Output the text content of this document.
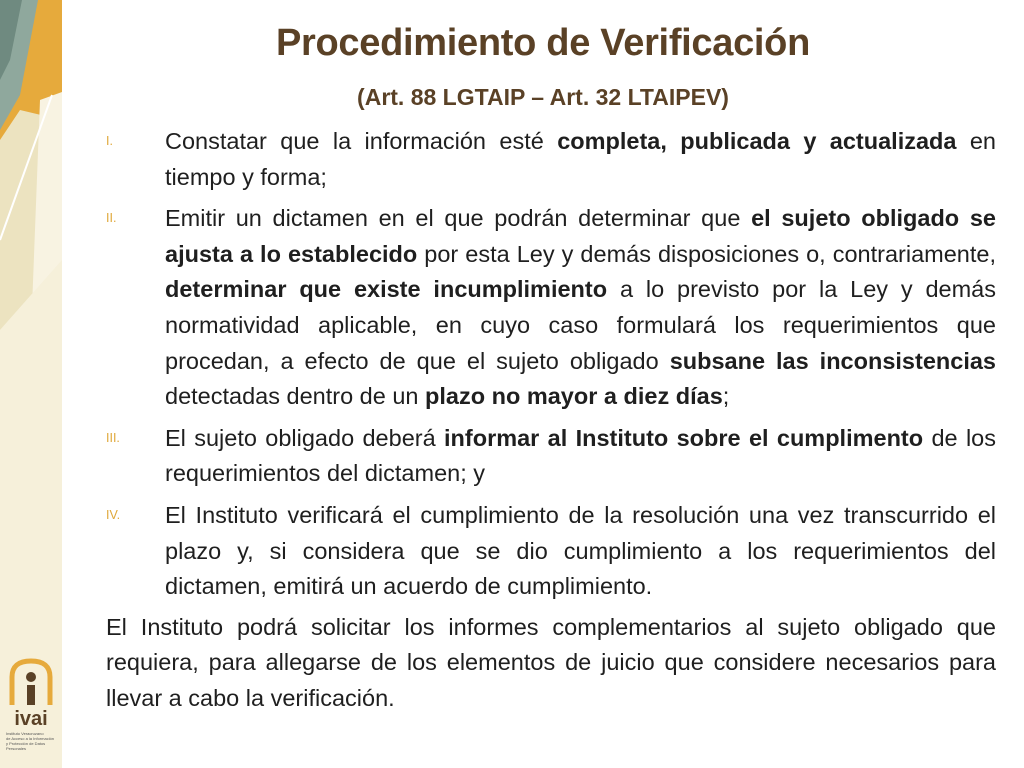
Procedimiento de Verificación
(Art. 88 LGTAIP – Art. 32 LTAIPEV)
I. Constatar que la información esté completa, publicada y actualizada en tiempo y forma;
II. Emitir un dictamen en el que podrán determinar que el sujeto obligado se ajusta a lo establecido por esta Ley y demás disposiciones o, contrariamente, determinar que existe incumplimiento a lo previsto por la Ley y demás normatividad aplicable, en cuyo caso formulará los requerimientos que procedan, a efecto de que el sujeto obligado subsane las inconsistencias detectadas dentro de un plazo no mayor a diez días;
III. El sujeto obligado deberá informar al Instituto sobre el cumplimento de los requerimientos del dictamen; y
IV. El Instituto verificará el cumplimiento de la resolución una vez transcurrido el plazo y, si considera que se dio cumplimiento a los requerimientos del dictamen, emitirá un acuerdo de cumplimiento.
El Instituto podrá solicitar los informes complementarios al sujeto obligado que requiera, para allegarse de los elementos de juicio que considere necesarios para llevar a cabo la verificación.
ivai
Instituto Veracruzano
de Acceso a la Información
y Protección de Datos Personales
